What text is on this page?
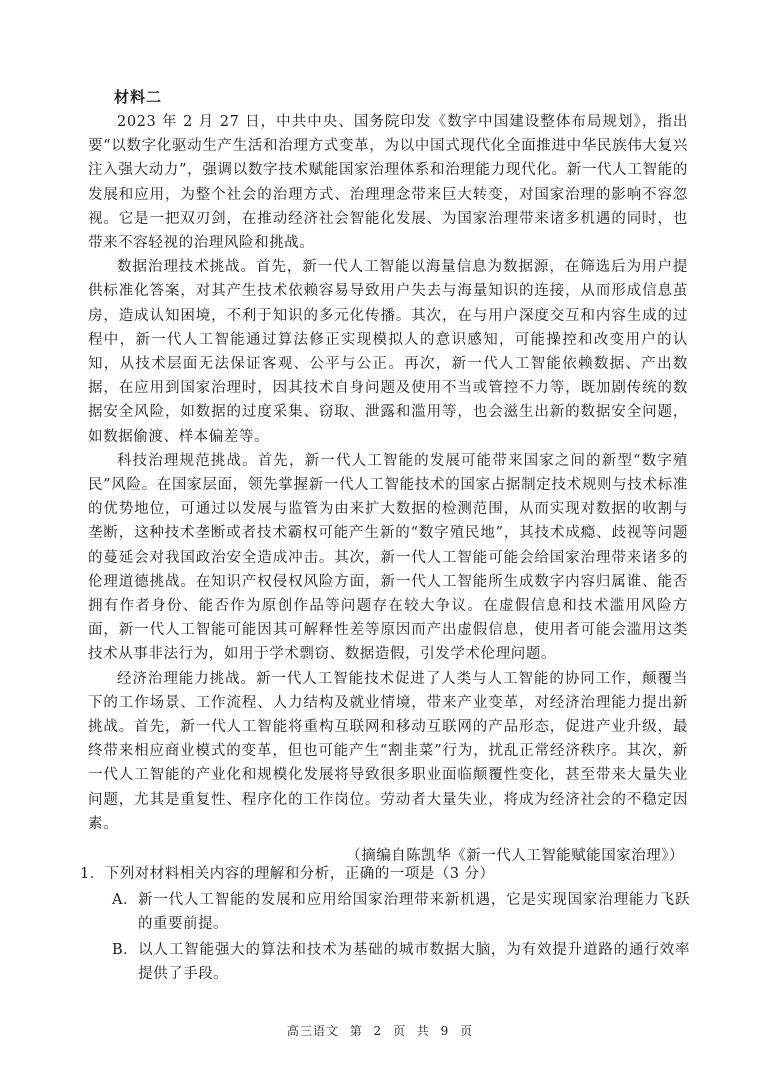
材料二

2023 年 2 月 27 日，中共中央、国务院印发《数字中国建设整体布局规划》，指出要“以数字化驱动生产生活和治理方式变革，为以中国式现代化全面推进中华民族伟大复兴注入强大动力”，强调以数字技术赋能国家治理体系和治理能力现代化。新一代人工智能的发展和应用，为整个社会的治理方式、治理理念带来巨大转变，对国家治理的影响不容忽视。它是一把双刃剑，在推动经济社会智能化发展、为国家治理带来诸多机遇的同时，也带来不容轻视的治理风险和挑战。

数据治理技术挑战。首先，新一代人工智能以海量信息为数据源，在筛选后为用户提供标准化答案，对其产生技术依赖容易导致用户失去与海量知识的连接，从而形成信息茧房，造成认知困境，不利于知识的多元化传播。其次，在与用户深度交互和内容生成的过程中，新一代人工智能通过算法修正实现模拟人的意识感知，可能操控和改变用户的认知，从技术层面无法保证客观、公平与公正。再次，新一代人工智能依赖数据、产出数据，在应用到国家治理时，因其技术自身问题及使用不当或管控不力等，既加剧传统的数据安全风险，如数据的过度采集、窃取、泄露和滥用等，也会滋生出新的数据安全问题，如数据偷渡、样本偏差等。

科技治理规范挑战。首先，新一代人工智能的发展可能带来国家之间的新型“数字殖民”风险。在国家层面，领先掌握新一代人工智能技术的国家占据制定技术规则与技术标准的优势地位，可通过以发展与监管为由来扩大数据的检测范围，从而实现对数据的收割与垄断，这种技术垄断或者技术霸权可能产生新的“数字殖民地”，其技术成瘾、歧视等问题的蔓延会对我国政治安全造成冲击。其次，新一代人工智能可能会给国家治理带来诸多的伦理道德挑战。在知识产权侵权风险方面，新一代人工智能所生成数字内容归属谁、能否拥有作者身份、能否作为原创作品等问题存在较大争议。在虚假信息和技术滥用风险方面，新一代人工智能可能因其可解释性差等原因而产出虚假信息，使用者可能会滥用这类技术从事非法行为，如用于学术剽窃、数据造假，引发学术伦理问题。

经济治理能力挑战。新一代人工智能技术促进了人类与人工智能的协同工作，颠覆当下的工作场景、工作流程、人力结构及就业情境，带来产业变革，对经济治理能力提出新挑战。首先，新一代人工智能将重构互联网和移动互联网的产品形态，促进产业升级，最终带来相应商业模式的变革，但也可能产生“割韭菜”行为，扰乱正常经济秩序。其次，新一代人工智能的产业化和规模化发展将导致很多职业面临颠覆性变化，甚至带来大量失业问题，尤其是重复性、程序化的工作岗位。劳动者大量失业，将成为经济社会的不稳定因素。

（摘编自陈凯华《新一代人工智能赋能国家治理》）

1．下列对材料相关内容的理解和分析，正确的一项是（3 分）

A． 新一代人工智能的发展和应用给国家治理带来新机遇，它是实现国家治理能力飞跃的重要前提。
B． 以人工智能强大的算法和技术为基础的城市数据大脑，为有效提升道路的通行效率提供了手段。
高三语文 第 2 页 共 9 页
